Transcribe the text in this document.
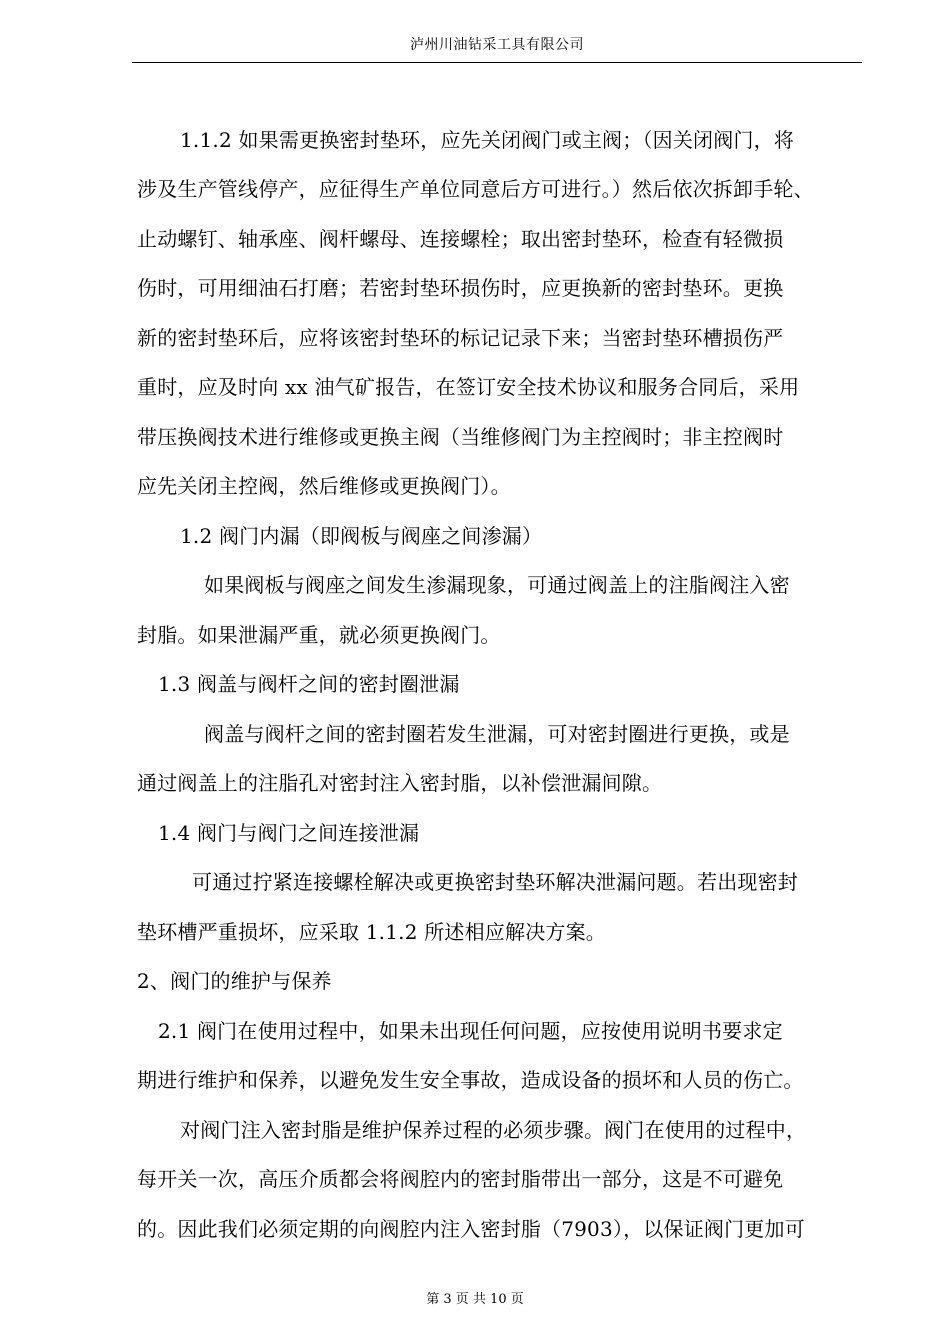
泸州川油钻采工具有限公司
1.1.2 如果需更换密封垫环，应先关闭阀门或主阀；（因关闭阀门，将
涉及生产管线停产，应征得生产单位同意后方可进行。）然后依次拆卸手轮、
止动螺钉、轴承座、阀杆螺母、连接螺栓；取出密封垫环，检查有轻微损
伤时，可用细油石打磨；若密封垫环损伤时，应更换新的密封垫环。更换
新的密封垫环后，应将该密封垫环的标记记录下来；当密封垫环槽损伤严
重时，应及时向 xx 油气矿报告，在签订安全技术协议和服务合同后，采用
带压换阀技术进行维修或更换主阀（当维修阀门为主控阀时；非主控阀时
应先关闭主控阀，然后维修或更换阀门）。
1.2 阀门内漏（即阀板与阀座之间渗漏）
如果阀板与阀座之间发生渗漏现象，可通过阀盖上的注脂阀注入密
封脂。如果泄漏严重，就必须更换阀门。
1.3 阀盖与阀杆之间的密封圈泄漏
阀盖与阀杆之间的密封圈若发生泄漏，可对密封圈进行更换，或是
通过阀盖上的注脂孔对密封注入密封脂，以补偿泄漏间隙。
1.4 阀门与阀门之间连接泄漏
可通过拧紧连接螺栓解决或更换密封垫环解决泄漏问题。若出现密封
垫环槽严重损坏，应采取 1.1.2 所述相应解决方案。
2、阀门的维护与保养
2.1 阀门在使用过程中，如果未出现任何问题，应按使用说明书要求定
期进行维护和保养，以避免发生安全事故，造成设备的损坏和人员的伤亡。
对阀门注入密封脂是维护保养过程的必须步骤。阀门在使用的过程中，
每开关一次，高压介质都会将阀腔内的密封脂带出一部分，这是不可避免
的。因此我们必须定期的向阀腔内注入密封脂（7903），以保证阀门更加可
第 3 页 共 10 页
